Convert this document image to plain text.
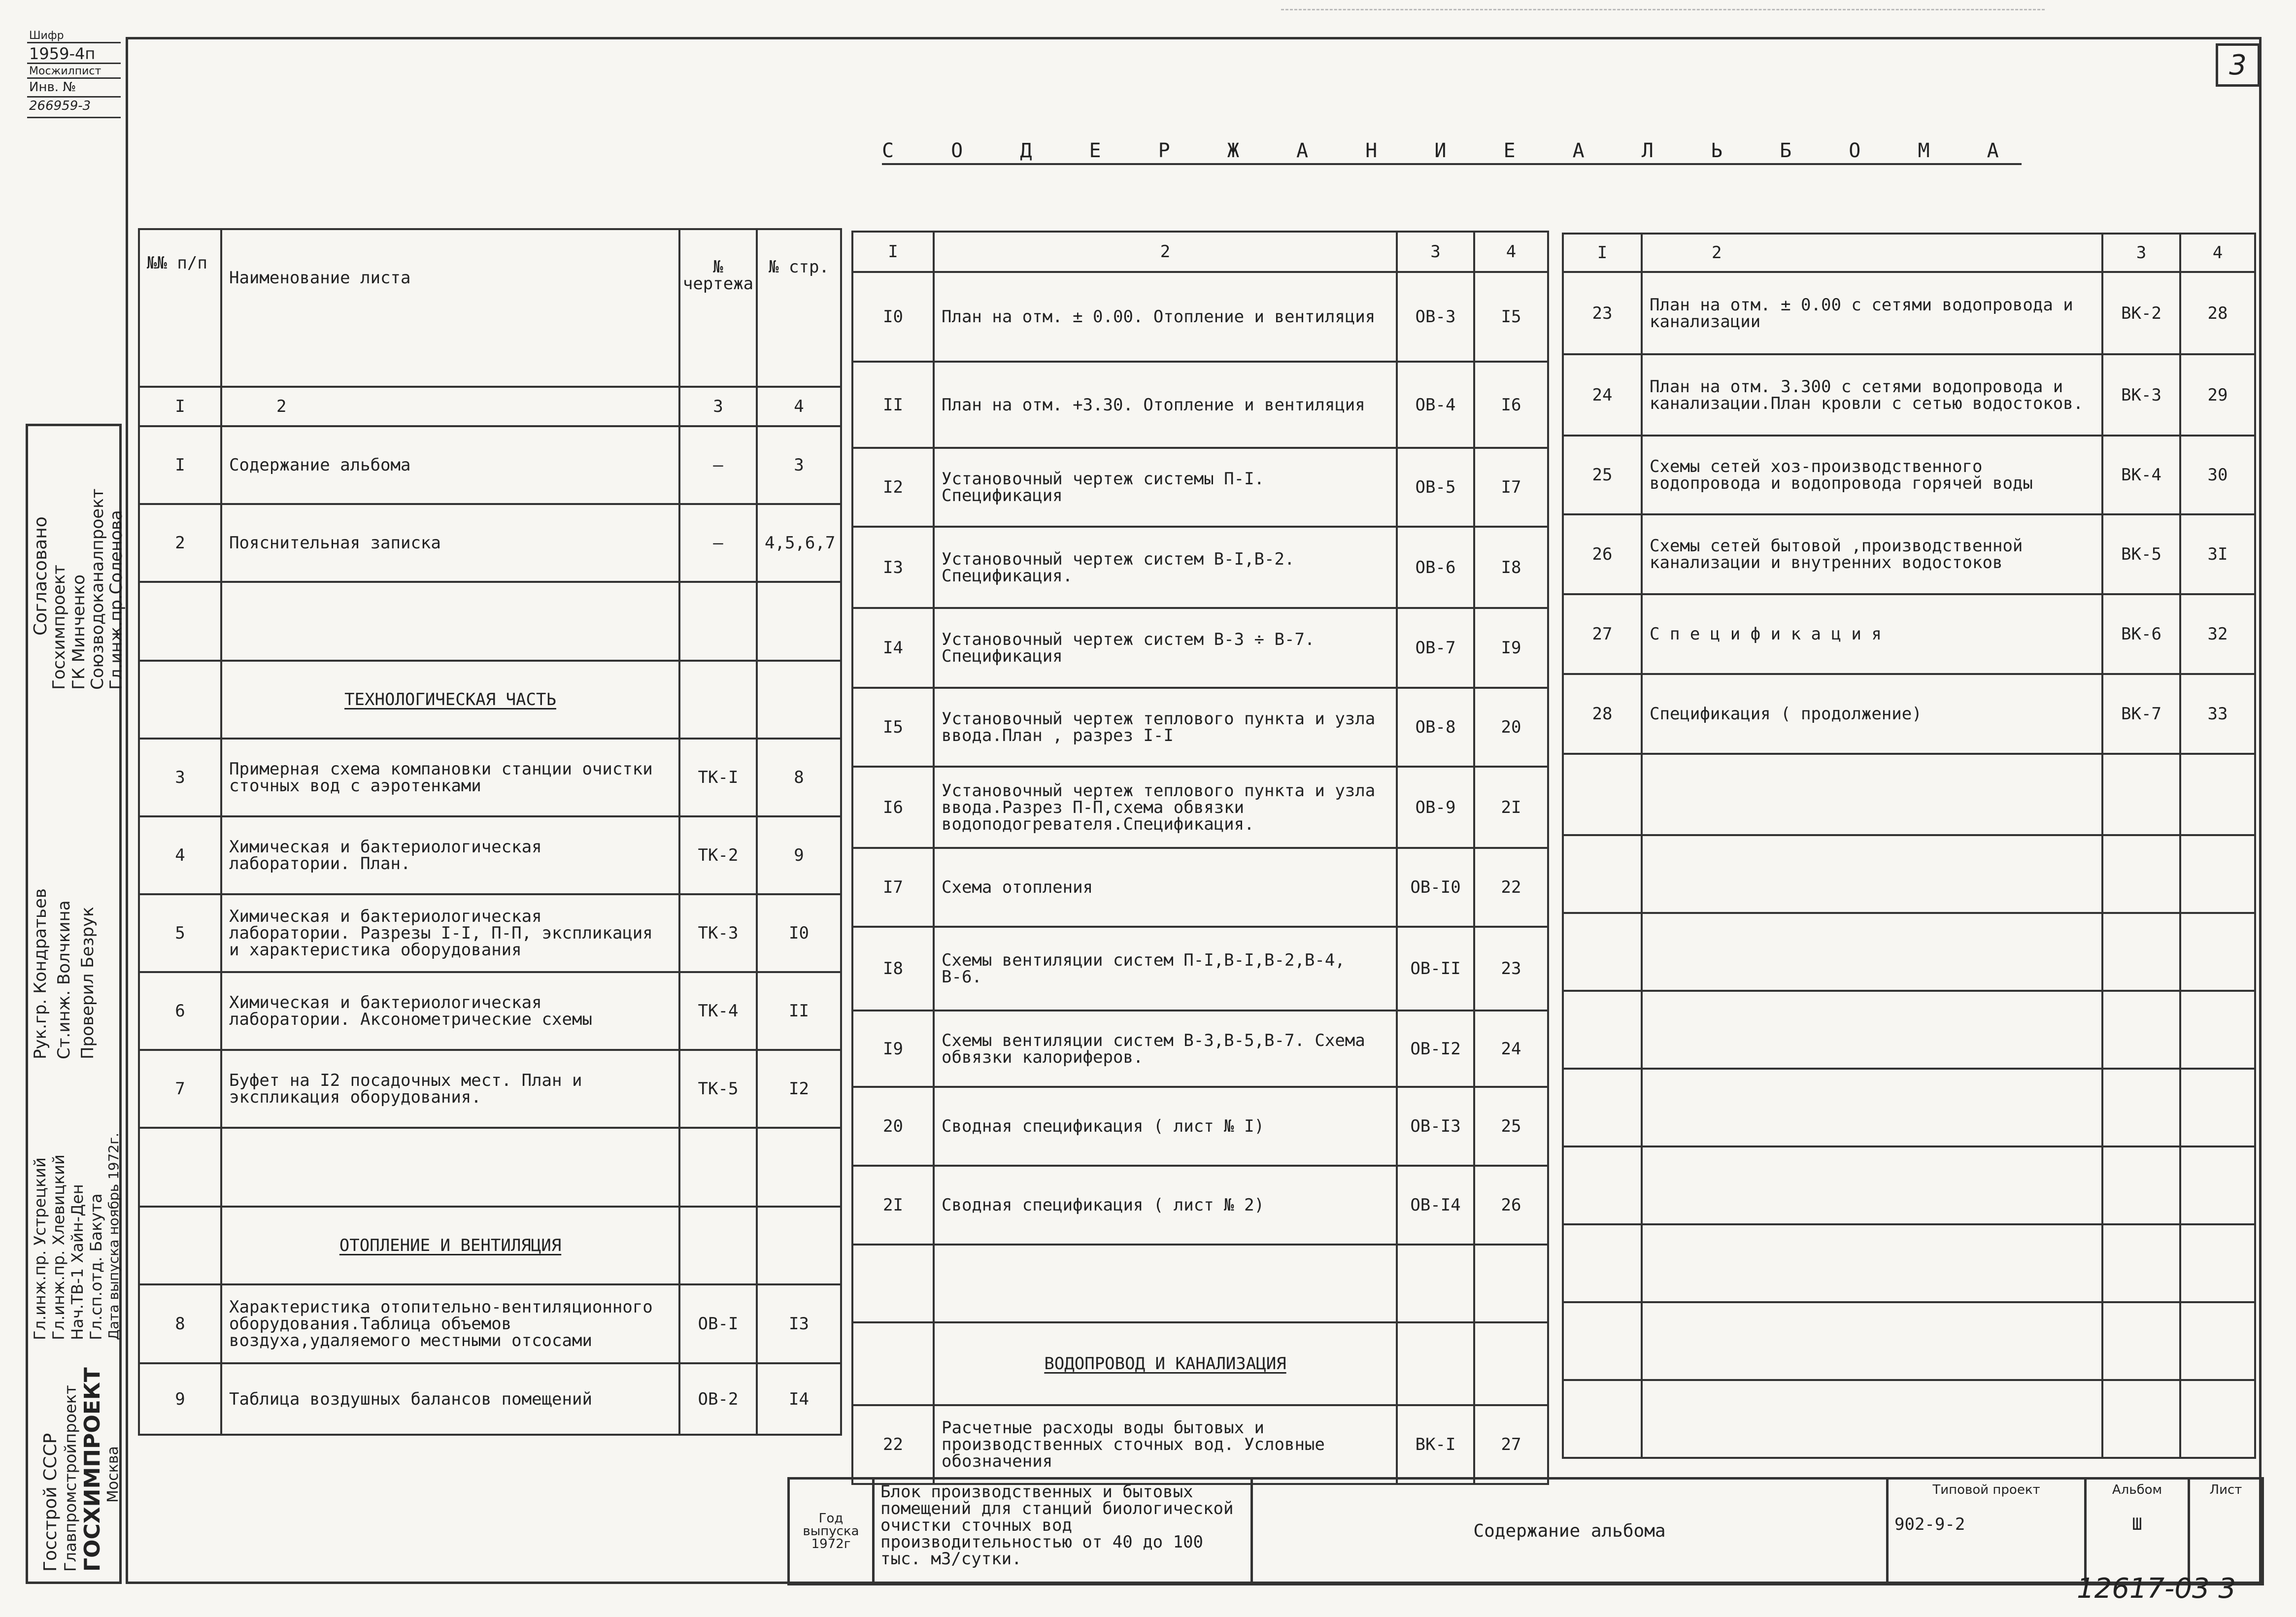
3
С О Д Е Р Ж А Н И Е А Л Ь Б О М А
Шифр
1959-4п
Мосжилпист
Инв. №
266959-3
Согласовано
Госхимпроект ГК Минченко
Союзводоканалпроект
Гл.инж.пр.Соленова
Рук.гр. Кондратьев Ст.инж. Волчкина Проверил Безрук
Гл.инж.пр. Устрецкий Гл.инж.пр. Хлевицкий Нач.ТВ-1 Хайн-Ден Гл.сп.отд. Бакута Дата выпуска ноябрь 1972г.
Госстрой СССР Главпромстройпроект ГОСХИМПРОЕКТ Москва
№№ п/п	Наименование листа	№ чертежа	№ стр.
I	2	3	4
I	Содержание альбома	–	3
2	Пояснительная записка	–	4,5,6,7

	ТЕХНОЛОГИЧЕСКАЯ ЧАСТЬ		
3	Примерная схема компановки станции очистки сточных вод с аэротенками	ТК-I	8
4	Химическая и бактериологическая лаборатории. План.	ТК-2	9
5	Химическая и бактериологическая лаборатории. Разрезы I-I, П-П, экспликация и характеристика оборудования	ТК-3	I0
6	Химическая и бактериологическая лаборатории. Аксонометрические схемы	ТК-4	II
7	Буфет на I2 посадочных мест. План и экспликация оборудования.	ТК-5	I2

	ОТОПЛЕНИЕ И ВЕНТИЛЯЦИЯ		
8	Характеристика отопительно-вентиляционного оборудования.Таблица объемов воздуха,удаляемого местными отсосами	ОВ-I	I3
9	Таблица воздушных балансов помещений	ОВ-2	I4
I	2	3	4
I0	План на отм. ± 0.00. Отопление и вентиляция	ОВ-3	I5
II	План на отм. +3.30. Отопление и вентиляция	ОВ-4	I6
I2	Установочный чертеж системы П-I. Спецификация	ОВ-5	I7
I3	Установочный чертеж систем В-I,В-2. Спецификация.	ОВ-6	I8
I4	Установочный чертеж систем В-3 ÷ В-7. Спецификация	ОВ-7	I9
I5	Установочный чертеж теплового пункта и узла ввода.План , разрез I-I	ОВ-8	20
I6	Установочный чертеж теплового пункта и узла ввода.Разрез П-П,схема обвязки водоподогревателя.Спецификация.	ОВ-9	2I
I7	Схема отопления	ОВ-I0	22
I8	Схемы вентиляции систем П-I,В-I,В-2,В-4, В-6.	ОВ-II	23
I9	Схемы вентиляции систем В-3,В-5,В-7. Схема обвязки калориферов.	ОВ-I2	24
20	Сводная спецификация ( лист № I)	ОВ-I3	25
2I	Сводная спецификация ( лист № 2)	ОВ-I4	26

	ВОДОПРОВОД И КАНАЛИЗАЦИЯ		
22	Расчетные расходы воды бытовых и производственных сточных вод. Условные обозначения	ВК-I	27
I	2	3	4
23	План на отм. ± 0.00 с сетями водопровода и канализации	ВК-2	28
24	План на отм. 3.300 с сетями водопровода и канализации.План кровли с сетью водостоков.	ВК-3	29
25	Схемы сетей хоз-производственного водопровода и водопровода горячей воды	ВК-4	30
26	Схемы сетей бытовой ,производственной канализации и внутренних водостоков	ВК-5	3I
27	С п е ц и ф и к а ц и я	ВК-6	32
28	Спецификация ( продолжение)	ВК-7	33

Год выпуска
1972г
	Блок производственных и бытовых помещений для станций биологической очистки сточных вод производительностью от 40 до 100 тыс. м3/сутки.	Содержание альбома	
Типовой проект
902-9-2

Альбом
Ш

Лист
12617-03 3
